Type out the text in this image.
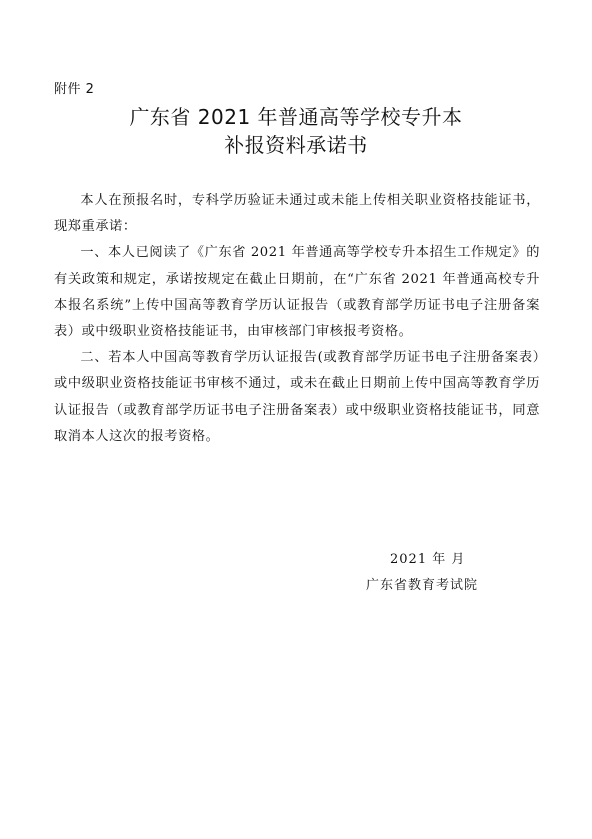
附件 2
广东省 2021 年普通高等学校专升本
补报资料承诺书

本人在预报名时，专科学历验证未通过或未能上传相关职业资格技能证书，现郑重承诺：

一、本人已阅读了《广东省 2021 年普通高等学校专升本招生工作规定》的有关政策和规定，承诺按规定在截止日期前，在“广东省 2021 年普通高校专升本报名系统”上传中国高等教育学历认证报告（或教育部学历证书电子注册备案表）或中级职业资格技能证书，由审核部门审核报考资格。

二、若本人中国高等教育学历认证报告(或教育部学历证书电子注册备案表）或中级职业资格技能证书审核不通过，或未在截止日期前上传中国高等教育学历认证报告（或教育部学历证书电子注册备案表）或中级职业资格技能证书，同意取消本人这次的报考资格。

2021 年 月
广东省教育考试院
